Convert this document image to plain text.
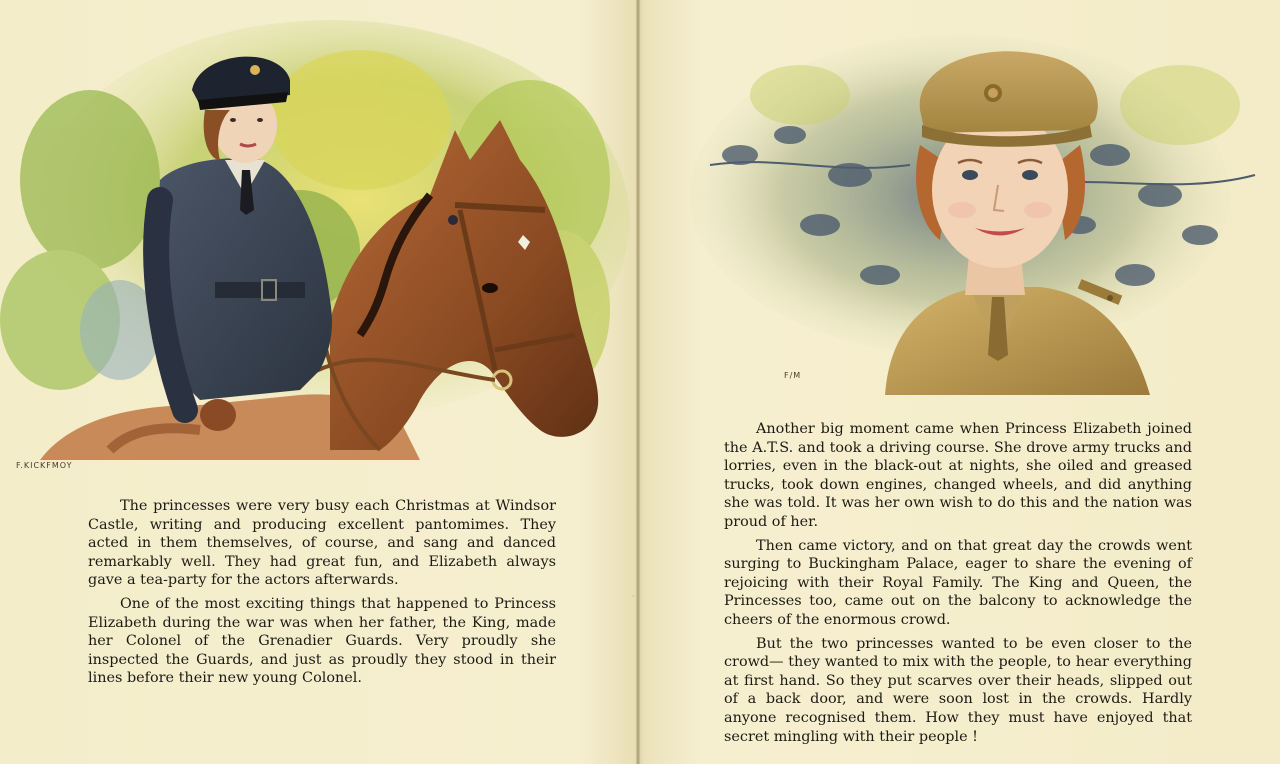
F.KICKFMOY

The princesses were very busy each Christmas at Windsor Castle, writing and producing excellent pantomimes. They acted in them themselves, of course, and sang and danced remarkably well. They had great fun, and Elizabeth always gave a tea-party for the actors afterwards.

One of the most exciting things that happened to Princess Elizabeth during the war was when her father, the King, made her Colonel of the Grenadier Guards. Very proudly she inspected the Guards, and just as proudly they stood in their lines before their new young Colonel.

·
F/M

Another big moment came when Princess Elizabeth joined the A.T.S. and took a driving course. She drove army trucks and lorries, even in the black-out at nights, she oiled and greased trucks, took down engines, changed wheels, and did anything she was told. It was her own wish to do this and the nation was proud of her.

Then came victory, and on that great day the crowds went surging to Buckingham Palace, eager to share the evening of rejoicing with their Royal Family. The King and Queen, the Princesses too, came out on the balcony to acknowledge the cheers of the enormous crowd.

But the two princesses wanted to be even closer to the crowd— they wanted to mix with the people, to hear everything at first hand. So they put scarves over their heads, slipped out of a back door, and were soon lost in the crowds. Hardly anyone recognised them. How they must have enjoyed that secret mingling with their people !
